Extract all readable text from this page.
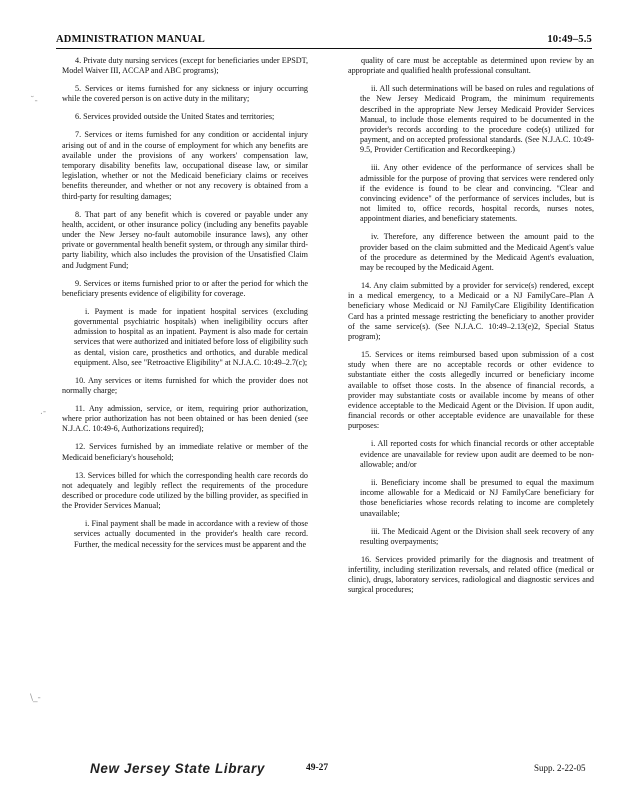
ADMINISTRATION MANUAL	10:49–5.5
˘-
.-
\_-

4. Private duty nursing services (except for beneficiaries under EPSDT, Model Waiver III, ACCAP and ABC programs);

5. Services or items furnished for any sickness or injury occurring while the covered person is on active duty in the military;

6. Services provided outside the United States and territories;

7. Services or items furnished for any condition or accidental injury arising out of and in the course of employment for which any benefits are available under the provisions of any workers' compensation law, temporary disability benefits law, occupational disease law, or similar legislation, whether or not the Medicaid beneficiary claims or receives benefits thereunder, and whether or not any recovery is obtained from a third-party for resulting damages;

8. That part of any benefit which is covered or payable under any health, accident, or other insurance policy (including any benefits payable under the New Jersey no-fault automobile insurance laws), any other private or governmental health benefit system, or through any similar third-party liability, which also includes the provision of the Unsatisfied Claim and Judgment Fund;

9. Services or items furnished prior to or after the period for which the beneficiary presents evidence of eligibility for coverage.

i. Payment is made for inpatient hospital services (excluding governmental psychiatric hospitals) when ineligibility occurs after admission to hospital as an inpatient. Payment is also made for certain services that were authorized and initiated before loss of eligibility such as dental, vision care, prosthetics and orthotics, and durable medical equipment. Also, see "Retroactive Eligibility" at N.J.A.C. 10:49–2.7(c);

10. Any services or items furnished for which the provider does not normally charge;

11. Any admission, service, or item, requiring prior authorization, where prior authorization has not been obtained or has been denied (see N.J.A.C. 10:49-6, Authorizations required);

12. Services furnished by an immediate relative or member of the Medicaid beneficiary's household;

13. Services billed for which the corresponding health care records do not adequately and legibly reflect the requirements of the procedure described or procedure code utilized by the billing provider, as specified in the Provider Services Manual;

i. Final payment shall be made in accordance with a review of those services actually documented in the provider's health care record. Further, the medical necessity for the services must be apparent and the

quality of care must be acceptable as determined upon review by an appropriate and qualified health professional consultant.

ii. All such determinations will be based on rules and regulations of the New Jersey Medicaid Program, the minimum requirements described in the appropriate New Jersey Medicaid Provider Services Manual, to include those elements required to be documented in the provider's records according to the procedure code(s) utilized for payment, and on accepted professional standards. (See N.J.A.C. 10:49-9.5, Provider Certification and Recordkeeping.)

iii. Any other evidence of the performance of services shall be admissible for the purpose of proving that services were rendered only if the evidence is found to be clear and convincing. "Clear and convincing evidence" of the performance of services includes, but is not limited to, office records, hospital records, nurses notes, appointment diaries, and beneficiary statements.

iv. Therefore, any difference between the amount paid to the provider based on the claim submitted and the Medicaid Agent's value of the procedure as determined by the Medicaid Agent's evaluation, may be recouped by the Medicaid Agent.

14. Any claim submitted by a provider for service(s) rendered, except in a medical emergency, to a Medicaid or a NJ FamilyCare–Plan A beneficiary whose Medicaid or NJ FamilyCare Eligibility Identification Card has a printed message restricting the beneficiary to another provider of the same service(s). (See N.J.A.C. 10:49–2.13(e)2, Special Status program);

15. Services or items reimbursed based upon submission of a cost study when there are no acceptable records or other evidence to substantiate either the costs allegedly incurred or beneficiary income available to offset those costs. In the absence of financial records, a provider may substantiate costs or available income by means of other evidence acceptable to the Medicaid Agent or the Division. If upon audit, financial records or other acceptable evidence are unavailable for these purposes:

i. All reported costs for which financial records or other acceptable evidence are unavailable for review upon audit are deemed to be non-allowable; and/or

ii. Beneficiary income shall be presumed to equal the maximum income allowable for a Medicaid or NJ FamilyCare beneficiary for those beneficiaries whose records relating to income are completely unavailable;

iii. The Medicaid Agent or the Division shall seek recovery of any resulting overpayments;

16. Services provided primarily for the diagnosis and treatment of infertility, including sterilization reversals, and related office (medical or clinic), drugs, laboratory services, radiological and diagnostic services and surgical procedures;

New Jersey State Library	49-27	Supp. 2-22-05
